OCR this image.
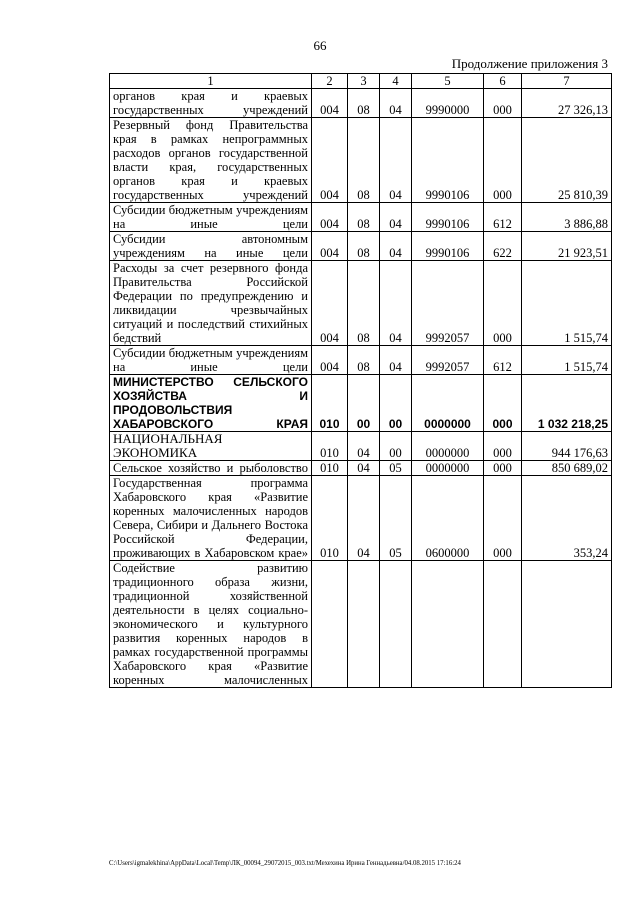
66
Продолжение приложения 3
1	2	3	4	5	6	7
органов края и краевых государственных учреждений	004	08	04	9990000	000	27 326,13
Резервный фонд Правительства края в рамках непрограммных расходов органов государственной власти края, государственных органов края и краевых государственных учреждений	004	08	04	9990106	000	25 810,39
Субсидии бюджетным учреждениям на иные цели	004	08	04	9990106	612	3 886,88
Субсидии автономным учреждениям на иные цели	004	08	04	9990106	622	21 923,51
Расходы за счет резервного фонда Правительства Российской Федерации по предупреждению и ликвидации чрезвычайных ситуаций и последствий стихийных бедствий	004	08	04	9992057	000	1 515,74
Субсидии бюджетным учреждениям на иные цели	004	08	04	9992057	612	1 515,74
МИНИСТЕРСТВО СЕЛЬСКОГО ХОЗЯЙСТВА И ПРОДОВОЛЬСТВИЯ ХАБАРОВСКОГО КРАЯ	010	00	00	0000000	000	1 032 218,25
НАЦИОНАЛЬНАЯ ЭКОНОМИКА	010	04	00	0000000	000	944 176,63
Сельское хозяйство и рыболовство	010	04	05	0000000	000	850 689,02
Государственная программа Хабаровского края «Развитие коренных малочисленных народов Севера, Сибири и Дальнего Востока Российской Федерации, проживающих в Хабаровском крае»	010	04	05	0600000	000	353,24
Содействие развитию традиционного образа жизни, традиционной хозяйственной деятельности в целях социально-экономического и культурного развития коренных народов в рамках государственной программы Хабаровского края «Развитие коренных малочисленных						
C:\Users\igmalekhina\AppData\Local\Temp\ЛК_00094_29072015_003.txt/Мехехина Ирина Геннадьевна/04.08.2015 17:16:24
